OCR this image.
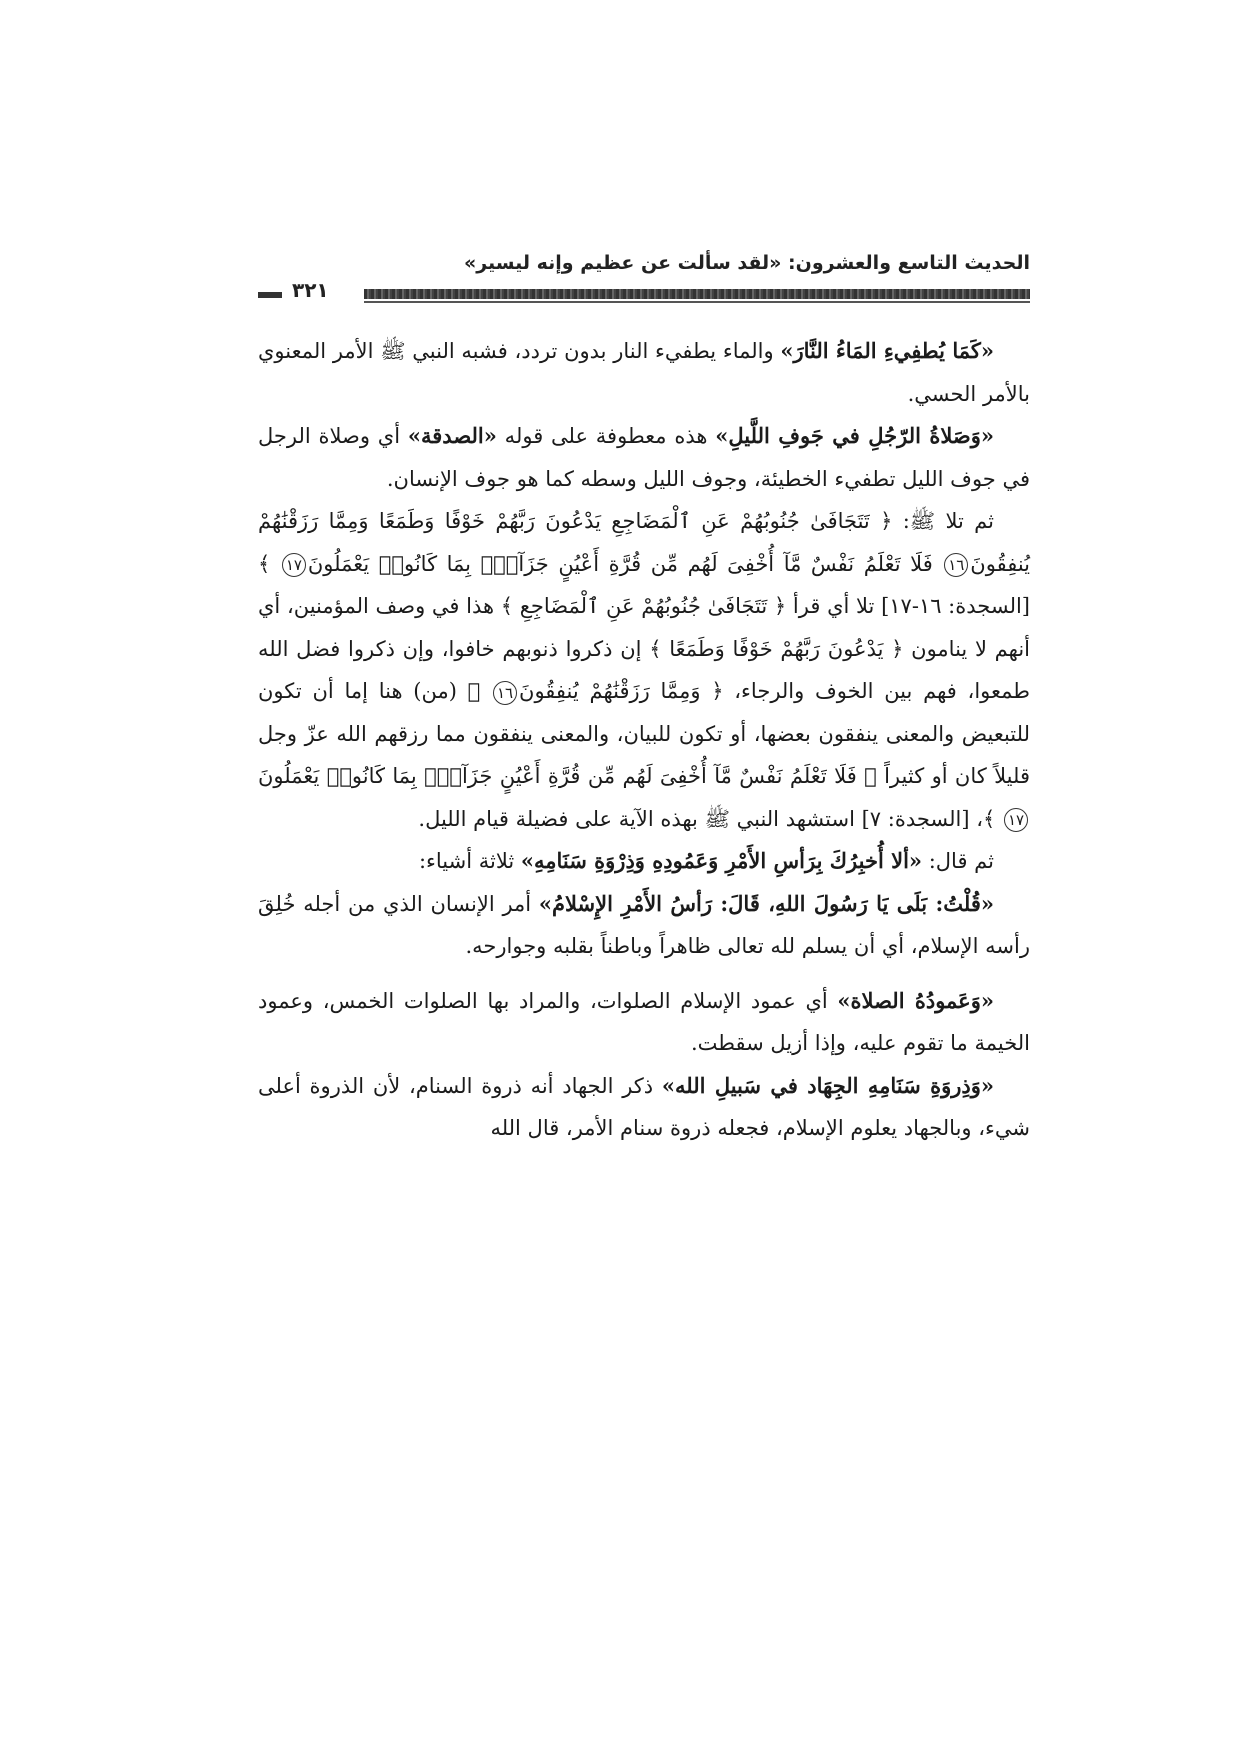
الحديث التاسع والعشرون: «لقد سألت عن عظيم وإنه ليسير»
٣٢١

«كَمَا يُطفِيءِ المَاءُ النَّارَ» والماء يطفيء النار بدون تردد، فشبه النبي ﷺ الأمر المعنوي بالأمر الحسي.

«وَصَلاةُ الرّجُلِ في جَوفِ اللَّيلِ» هذه معطوفة على قوله «الصدقة» أي وصلاة الرجل في جوف الليل تطفيء الخطيئة، وجوف الليل وسطه كما هو جوف الإنسان.

ثم تلا ﷺ: ﴿ تَتَجَافَىٰ جُنُوبُهُمْ عَنِ ٱلْمَضَاجِعِ يَدْعُونَ رَبَّهُمْ خَوْفًا وَطَمَعًا وَمِمَّا رَزَقْنَٰهُمْ يُنفِقُونَ١٦ فَلَا تَعْلَمُ نَفْسٌ مَّآ أُخْفِىَ لَهُم مِّن قُرَّةِ أَعْيُنٍ جَزَآءًۢ بِمَا كَانُوا۟ يَعْمَلُونَ١٧ ﴾ [السجدة: ١٦-١٧] تلا أي قرأ ﴿ تَتَجَافَىٰ جُنُوبُهُمْ عَنِ ٱلْمَضَاجِعِ ﴾ هذا في وصف المؤمنين، أي أنهم لا ينامون ﴿ يَدْعُونَ رَبَّهُمْ خَوْفًا وَطَمَعًا ﴾ إن ذكروا ذنوبهم خافوا، وإن ذكروا فضل الله طمعوا، فهم بين الخوف والرجاء، ﴿ وَمِمَّا رَزَقْنَٰهُمْ يُنفِقُونَ١٦ ﴾ (من) هنا إما أن تكون للتبعيض والمعنى ينفقون بعضها، أو تكون للبيان، والمعنى ينفقون مما رزقهم الله عزّ وجل قليلاً كان أو كثيراً ﴿ فَلَا تَعْلَمُ نَفْسٌ مَّآ أُخْفِىَ لَهُم مِّن قُرَّةِ أَعْيُنٍ جَزَآءًۢ بِمَا كَانُوا۟ يَعْمَلُونَ١٧ ﴾، [السجدة: ٧] استشهد النبي ﷺ بهذه الآية على فضيلة قيام الليل.

ثم قال: «ألا أُخبِرُكَ بِرَأسِ الأَمْرِ وَعَمُودِهِ وَذِرْوَةِ سَنَامِهِ» ثلاثة أشياء:

«قُلْتُ: بَلَى يَا رَسُولَ اللهِ، قَالَ: رَأسُ الأَمْرِ الإِسْلامُ» أمر الإنسان الذي من أجله خُلِقَ رأسه الإسلام، أي أن يسلم لله تعالى ظاهراً وباطناً بقلبه وجوارحه.

«وَعَمودُهُ الصلاة» أي عمود الإسلام الصلوات، والمراد بها الصلوات الخمس، وعمود الخيمة ما تقوم عليه، وإذا أزيل سقطت.

«وَذِروَةِ سَنَامِهِ الجِهَاد في سَبيلِ الله» ذكر الجهاد أنه ذروة السنام، لأن الذروة أعلى شيء، وبالجهاد يعلوم الإسلام، فجعله ذروة سنام الأمر، قال الله
